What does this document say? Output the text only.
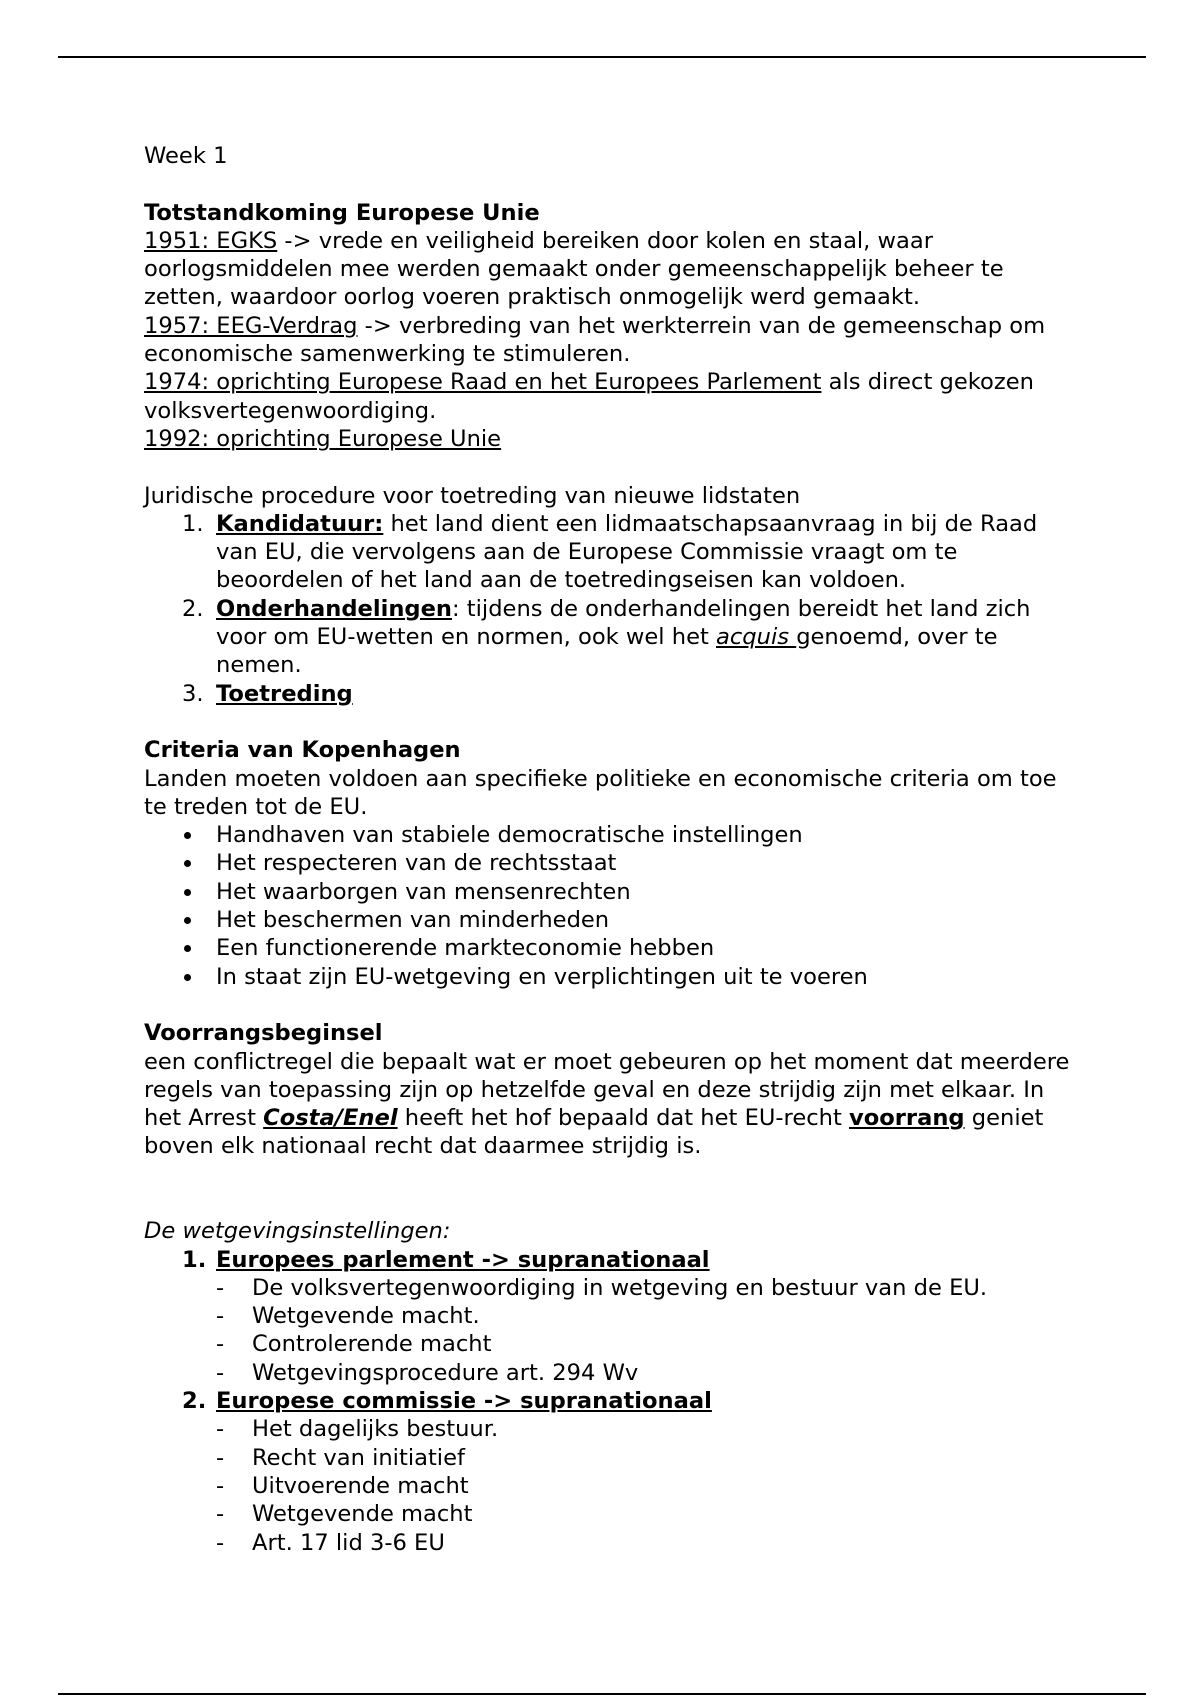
Week 1

Totstandkoming Europese Unie

1951: EGKS -> vrede en veiligheid bereiken door kolen en staal, waar oorlogsmiddelen mee werden gemaakt onder gemeenschappelijk beheer te zetten, waardoor oorlog voeren praktisch onmogelijk werd gemaakt.

1957: EEG-Verdrag -> verbreding van het werkterrein van de gemeenschap om economische samenwerking te stimuleren.

1974: oprichting Europese Raad en het Europees Parlement als direct gekozen volksvertegenwoordiging.

1992: oprichting Europese Unie

Juridische procedure voor toetreding van nieuwe lidstaten

1. Kandidatuur: het land dient een lidmaatschapsaanvraag in bij de Raad van EU, die vervolgens aan de Europese Commissie vraagt om te beoordelen of het land aan de toetredingseisen kan voldoen.
2. Onderhandelingen: tijdens de onderhandelingen bereidt het land zich voor om EU-wetten en normen, ook wel het acquis genoemd, over te nemen.
3. Toetreding

Criteria van Kopenhagen

Landen moeten voldoen aan specifieke politieke en economische criteria om toe te treden tot de EU.

Handhaven van stabiele democratische instellingen
Het respecteren van de rechtsstaat
Het waarborgen van mensenrechten
Het beschermen van minderheden
Een functionerende markteconomie hebben
In staat zijn EU-wetgeving en verplichtingen uit te voeren

Voorrangsbeginsel

een conflictregel die bepaalt wat er moet gebeuren op het moment dat meerdere regels van toepassing zijn op hetzelfde geval en deze strijdig zijn met elkaar. In het Arrest Costa/Enel heeft het hof bepaald dat het EU-recht voorrang geniet boven elk nationaal recht dat daarmee strijdig is.

De wetgevingsinstellingen:

1. Europees parlement -> supranationaal
-	De volksvertegenwoordiging in wetgeving en bestuur van de EU.
-	Wetgevende macht.
-	Controlerende macht
-	Wetgevingsprocedure art. 294 Wv
2. Europese commissie -> supranationaal
-	Het dagelijks bestuur.
-	Recht van initiatief
-	Uitvoerende macht
-	Wetgevende macht
-	Art. 17 lid 3-6 EU
